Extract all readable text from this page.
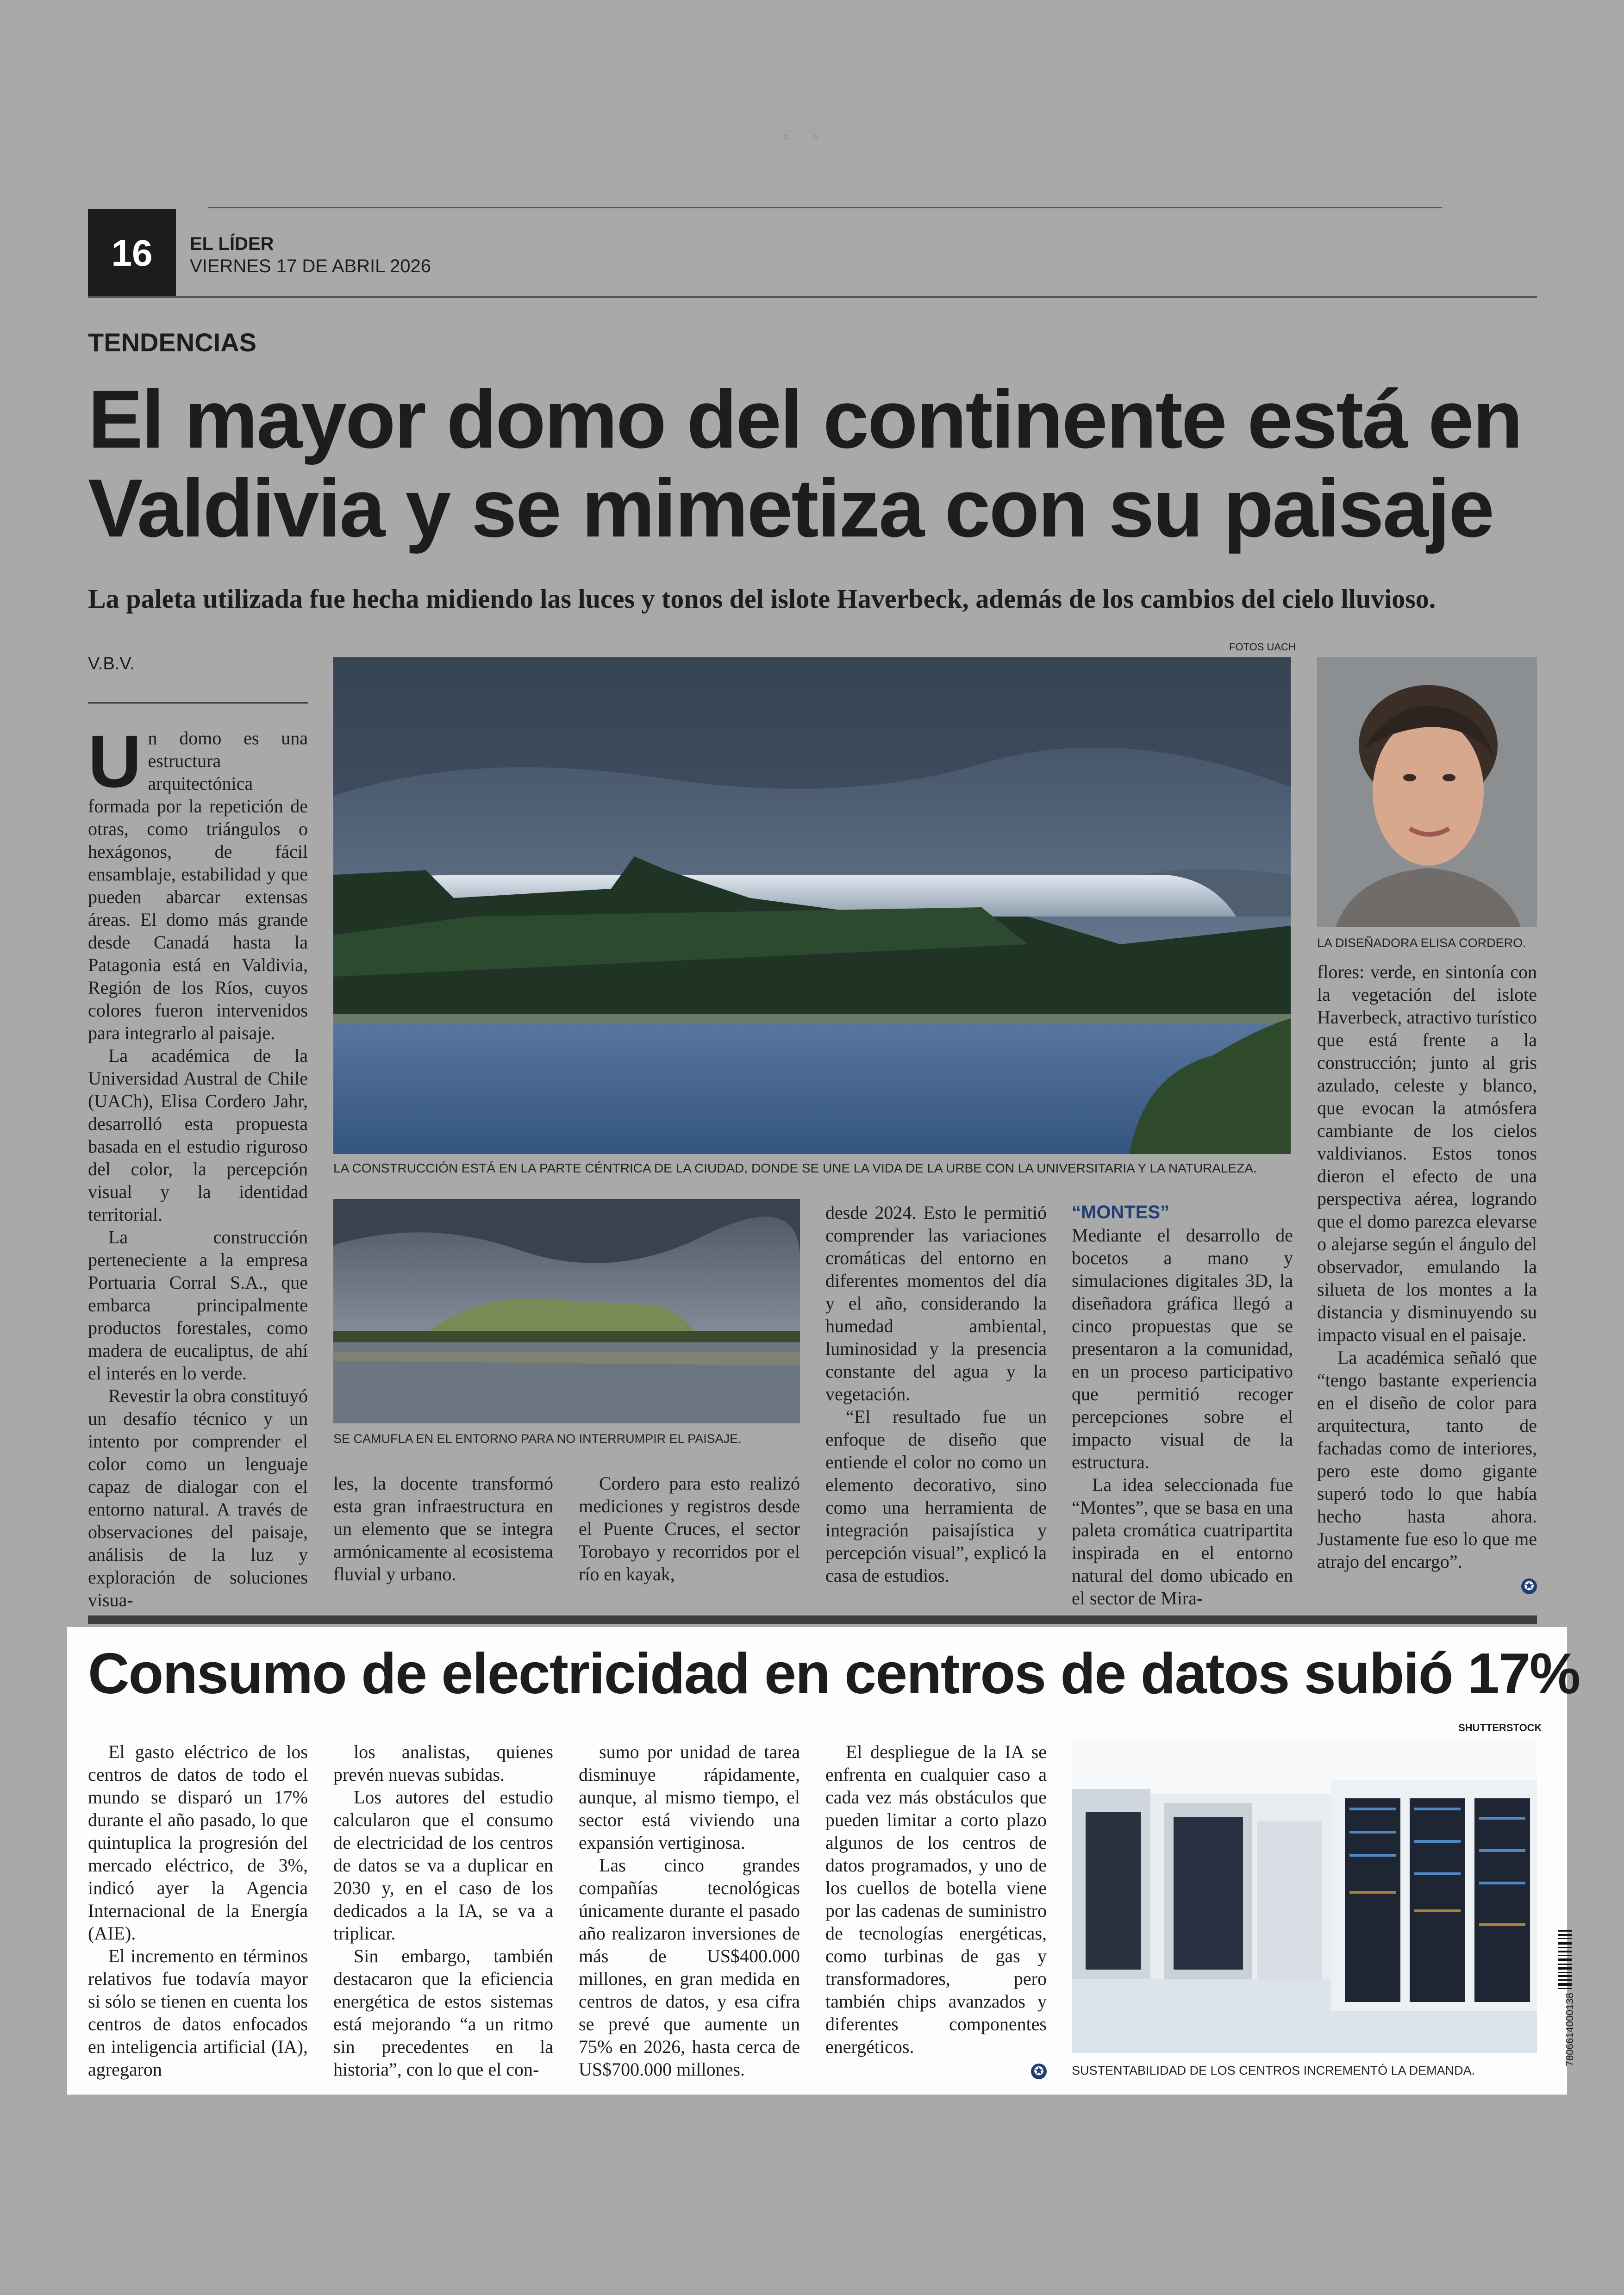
◦ ◦
16	EL LÍDER
VIERNES 17 DE ABRIL 2026
TENDENCIAS
El mayor domo del continente está en Valdivia y se mimetiza con su paisaje
La paleta utilizada fue hecha midiendo las luces y tonos del islote Haverbeck, además de los cambios del cielo lluvioso.
V.B.V.
FOTOS UACH
LA CONSTRUCCIÓN ESTÁ EN LA PARTE CÉNTRICA DE LA CIUDAD, DONDE SE UNE LA VIDA DE LA URBE CON LA UNIVERSITARIA Y LA NATURALEZA.
LA DISEÑADORA ELISA CORDERO.
SE CAMUFLA EN EL ENTORNO PARA NO INTERRUMPIR EL PAISAJE.

Un domo es una estructura arquitectónica formada por la repetición de otras, como triángulos o hexágonos, de fácil ensamblaje, estabilidad y que pueden abarcar extensas áreas. El domo más grande desde Canadá hasta la Patagonia está en Valdivia, Región de los Ríos, cuyos colores fueron intervenidos para integrarlo al paisaje.

La académica de la Universidad Austral de Chile (UACh), Elisa Cordero Jahr, desarrolló esta propuesta basada en el estudio riguroso del color, la percepción visual y la identidad territorial.

La construcción perteneciente a la empresa Portuaria Corral S.A., que embarca principalmente productos forestales, como madera de eucaliptus, de ahí el interés en lo verde.

Revestir la obra constituyó un desafío técnico y un intento por comprender el color como un lenguaje capaz de dialogar con el entorno natural. A través de observaciones del paisaje, análisis de la luz y exploración de soluciones visua-

les, la docente transformó esta gran infraestructura en un elemento que se integra armónicamente al ecosistema fluvial y urbano.

Cordero para esto realizó mediciones y registros desde el Puente Cruces, el sector Torobayo y recorridos por el río en kayak,

desde 2024. Esto le permitió comprender las variaciones cromáticas del entorno en diferentes momentos del día y el año, considerando la humedad ambiental, luminosidad y la presencia constante del agua y la vegetación.

“El resultado fue un enfoque de diseño que entiende el color no como un elemento decorativo, sino como una herramienta de integración paisajística y percepción visual”, explicó la casa de estudios.

“MONTES”

Mediante el desarrollo de bocetos a mano y simulaciones digitales 3D, la diseñadora gráfica llegó a cinco propuestas que se presentaron a la comunidad, en un proceso participativo que permitió recoger percepciones sobre el impacto visual de la estructura.

La idea seleccionada fue “Montes”, que se basa en una paleta cromática cuatripartita inspirada en el entorno natural del domo ubicado en el sector de Mira-

flores: verde, en sintonía con la vegetación del islote Haverbeck, atractivo turístico que está frente a la construcción; junto al gris azulado, celeste y blanco, que evocan la atmósfera cambiante de los cielos valdivianos. Estos tonos dieron el efecto de una perspectiva aérea, logrando que el domo parezca elevarse o alejarse según el ángulo del observador, emulando la silueta de los montes a la distancia y disminuyendo su impacto visual en el paisaje.

La académica señaló que “tengo bastante experiencia en el diseño de color para arquitectura, tanto de fachadas como de interiores, pero este domo gigante superó todo lo que había hecho hasta ahora. Justamente fue eso lo que me atrajo del encargo”.

✪
Consumo de electricidad en centros de datos subió 17%
SHUTTERSTOCK

El gasto eléctrico de los centros de datos de todo el mundo se disparó un 17% durante el año pasado, lo que quintuplica la progresión del mercado eléctrico, de 3%, indicó ayer la Agencia Internacional de la Energía (AIE).

El incremento en términos relativos fue todavía mayor si sólo se tienen en cuenta los centros de datos enfocados en inteligencia artificial (IA), agregaron

los analistas, quienes prevén nuevas subidas.

Los autores del estudio calcularon que el consumo de electricidad de los centros de datos se va a duplicar en 2030 y, en el caso de los dedicados a la IA, se va a triplicar.

Sin embargo, también destacaron que la eficiencia energética de estos sistemas está mejorando “a un ritmo sin precedentes en la historia”, con lo que el con-

sumo por unidad de tarea disminuye rápidamente, aunque, al mismo tiempo, el sector está viviendo una expansión vertiginosa.

Las cinco grandes compañías tecnológicas únicamente durante el pasado año realizaron inversiones de más de US$400.000 millones, en gran medida en centros de datos, y esa cifra se prevé que aumente un 75% en 2026, hasta cerca de US$700.000 millones.

El despliegue de la IA se enfrenta en cualquier caso a cada vez más obstáculos que pueden limitar a corto plazo algunos de los centros de datos programados, y uno de los cuellos de botella viene por las cadenas de suministro de tecnologías energéticas, como turbinas de gas y transformadores, pero también chips avanzados y diferentes componentes energéticos.

✪ SUSTENTABILIDAD DE LOS CENTROS INCREMENTÓ LA DEMANDA.
7806614000138
